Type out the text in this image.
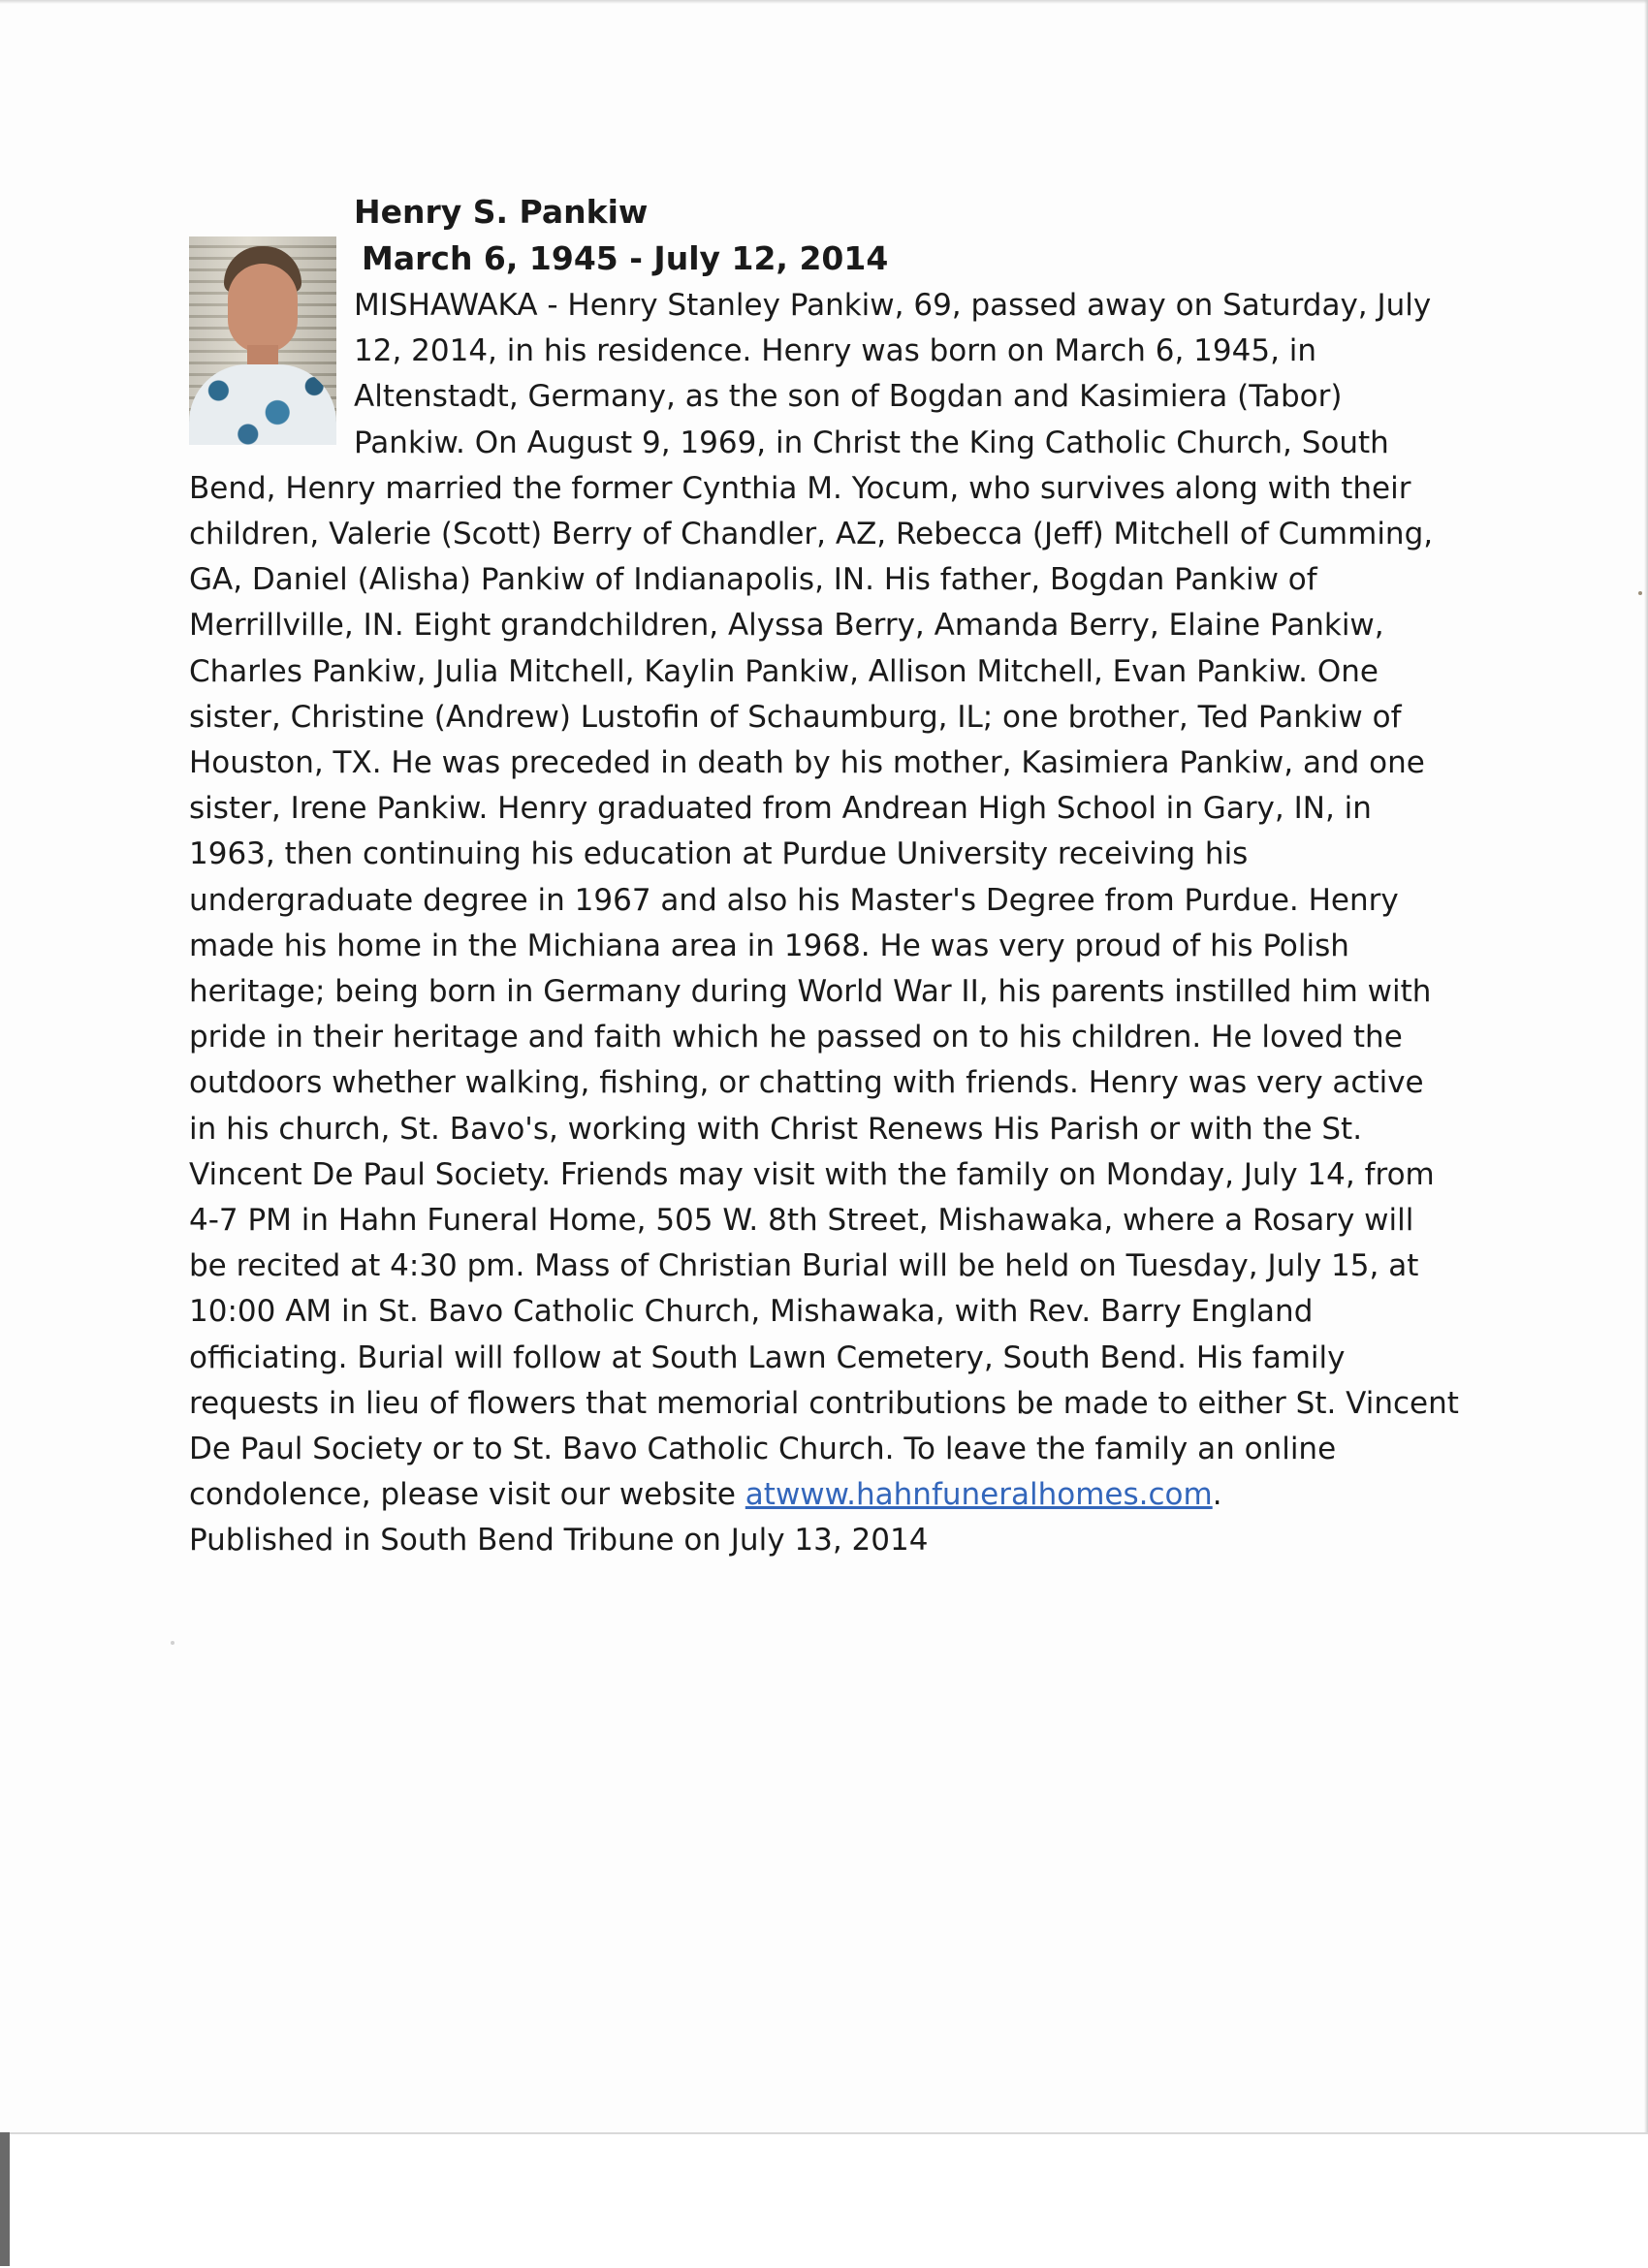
Henry S. Pankiw
March 6, 1945 - July 12, 2014

MISHAWAKA - Henry Stanley Pankiw, 69, passed away on Saturday, July 12, 2014, in his residence. Henry was born on March 6, 1945, in Altenstadt, Germany, as the son of Bogdan and Kasimiera (Tabor) Pankiw. On August 9, 1969, in Christ the King Catholic Church, South Bend, Henry married the former Cynthia M. Yocum, who survives along with their children, Valerie (Scott) Berry of Chandler, AZ, Rebecca (Jeff) Mitchell of Cumming, GA, Daniel (Alisha) Pankiw of Indianapolis, IN. His father, Bogdan Pankiw of Merrillville, IN. Eight grandchildren, Alyssa Berry, Amanda Berry, Elaine Pankiw, Charles Pankiw, Julia Mitchell, Kaylin Pankiw, Allison Mitchell, Evan Pankiw. One sister, Christine (Andrew) Lustofin of Schaumburg, IL; one brother, Ted Pankiw of Houston, TX. He was preceded in death by his mother, Kasimiera Pankiw, and one sister, Irene Pankiw. Henry graduated from Andrean High School in Gary, IN, in 1963, then continuing his education at Purdue University receiving his undergraduate degree in 1967 and also his Master's Degree from Purdue. Henry made his home in the Michiana area in 1968. He was very proud of his Polish heritage; being born in Germany during World War II, his parents instilled him with pride in their heritage and faith which he passed on to his children. He loved the outdoors whether walking, fishing, or chatting with friends. Henry was very active in his church, St. Bavo's, working with Christ Renews His Parish or with the St. Vincent De Paul Society. Friends may visit with the family on Monday, July 14, from 4-7 PM in Hahn Funeral Home, 505 W. 8th Street, Mishawaka, where a Rosary will be recited at 4:30 pm. Mass of Christian Burial will be held on Tuesday, July 15, at 10:00 AM in St. Bavo Catholic Church, Mishawaka, with Rev. Barry England officiating. Burial will follow at South Lawn Cemetery, South Bend. His family requests in lieu of flowers that memorial contributions be made to either St. Vincent De Paul Society or to St. Bavo Catholic Church. To leave the family an online condolence, please visit our website atwww.hahnfuneralhomes.com.

Published in South Bend Tribune on July 13, 2014
